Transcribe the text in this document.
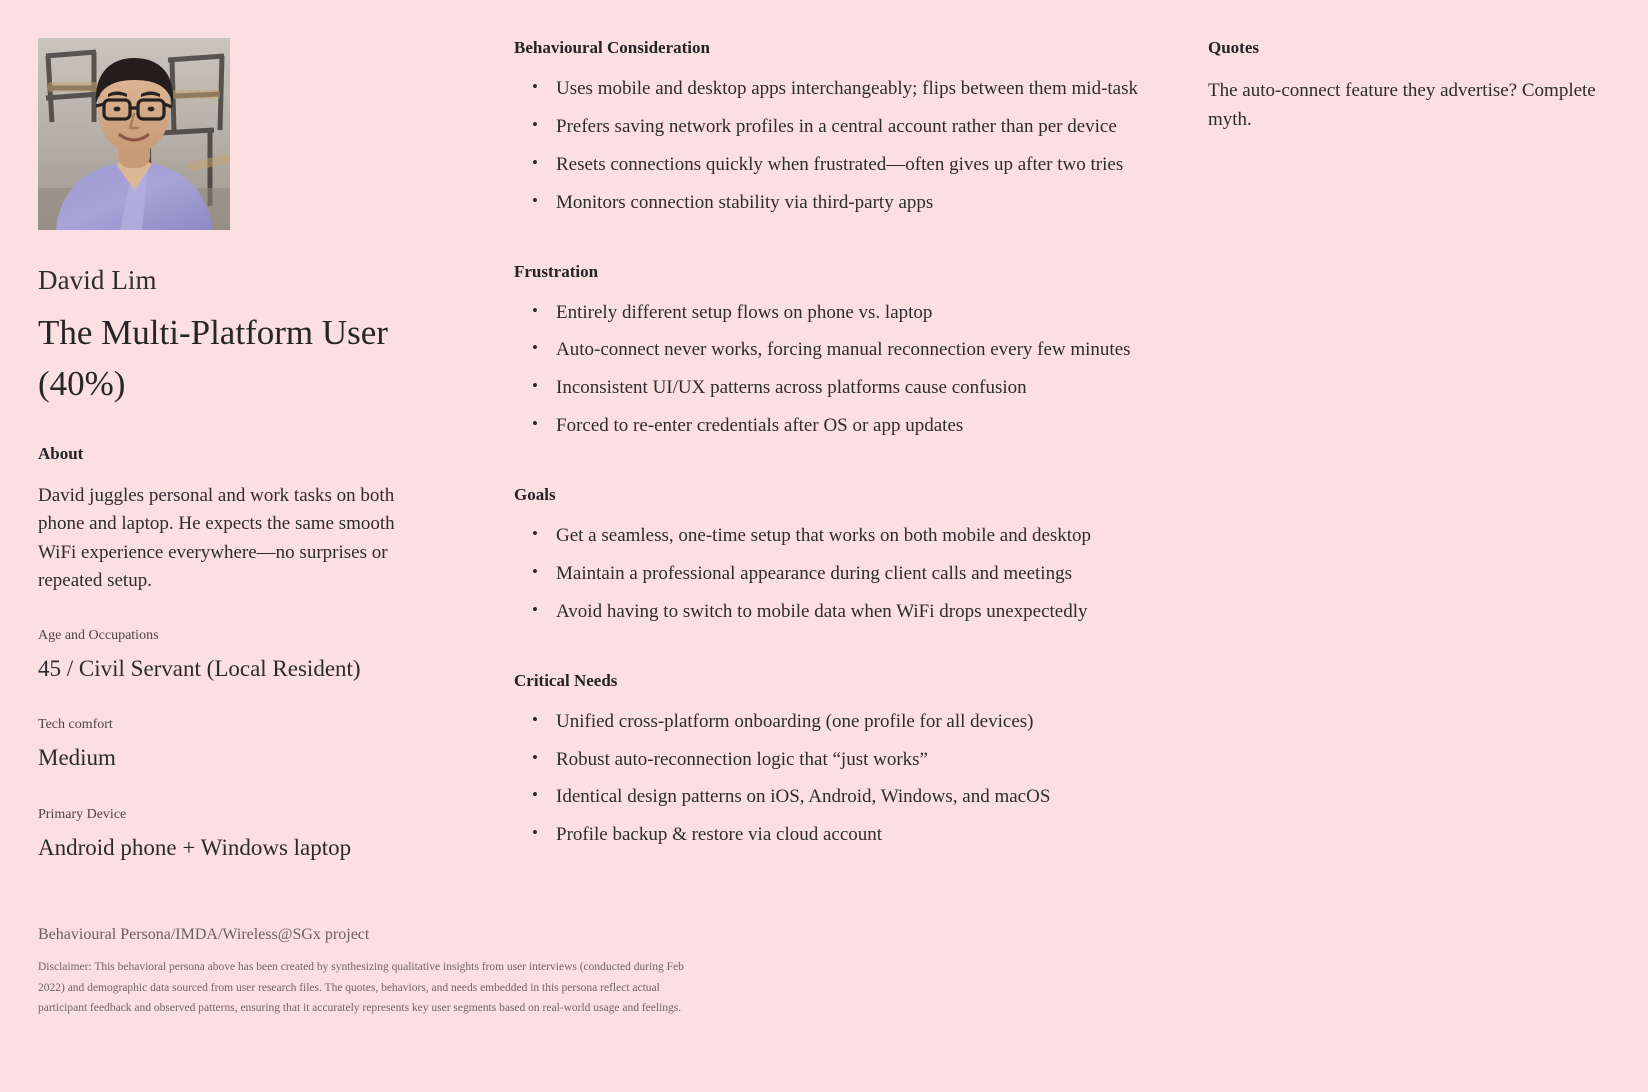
David Lim
The Multi-Platform User (40%)
About
David juggles personal and work tasks on both phone and laptop. He expects the same smooth WiFi experience everywhere—no surprises or repeated setup.
Age and Occupations
45 / Civil Servant (Local Resident)
Tech comfort
Medium
Primary Device
Android phone + Windows laptop
Behavioural Consideration
• Uses mobile and desktop apps interchangeably; flips between them mid-task
• Prefers saving network profiles in a central account rather than per device
• Resets connections quickly when frustrated—often gives up after two tries
• Monitors connection stability via third-party apps
Frustration
• Entirely different setup flows on phone vs. laptop
• Auto-connect never works, forcing manual reconnection every few minutes
• Inconsistent UI/UX patterns across platforms cause confusion
• Forced to re-enter credentials after OS or app updates
Goals
• Get a seamless, one-time setup that works on both mobile and desktop
• Maintain a professional appearance during client calls and meetings
• Avoid having to switch to mobile data when WiFi drops unexpectedly
Critical Needs
• Unified cross-platform onboarding (one profile for all devices)
• Robust auto-reconnection logic that “just works”
• Identical design patterns on iOS, Android, Windows, and macOS
• Profile backup & restore via cloud account
Quotes
The auto-connect feature they advertise? Complete myth.
Behavioural Persona/IMDA/Wireless@SGx project
Disclaimer: This behavioral persona above has been created by synthesizing qualitative insights from user interviews (conducted during Feb 2022) and demographic data sourced from user research files. The quotes, behaviors, and needs embedded in this persona reflect actual participant feedback and observed patterns, ensuring that it accurately represents key user segments based on real-world usage and feelings.
